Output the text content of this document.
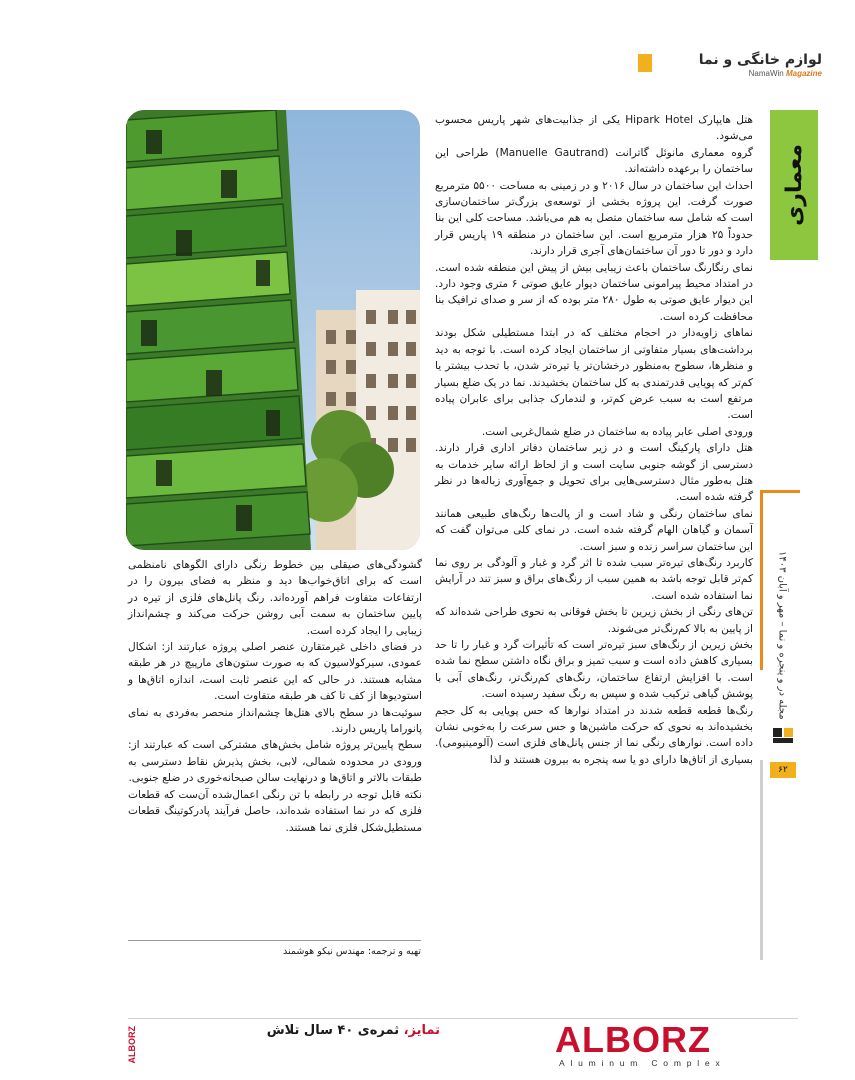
لوازم خانگی و نما
NamaWin Magazine
معماری

هتل هایپارک Hipark Hotel یکی از جذابیت‌های شهر پاریس محسوب می‌شود.

گروه معماری مانوئل گاترانت (Manuelle Gautrand) طراحی این ساختمان را برعهده داشته‌اند.

احداث این ساختمان در سال ۲۰۱۶ و در زمینی به مساحت ۵۵۰۰ مترمربع صورت گرفت. این پروژه بخشی از توسعه‌ی بزرگ‌تر ساختمان‌سازی است که شامل سه ساختمان متصل به هم می‌باشد. مساحت کلی این بنا حدوداً ۲۵ هزار مترمربع است. این ساختمان در منطقه ۱۹ پاریس قرار دارد و دور تا دور آن ساختمان‌های آجری قرار دارند.

نمای رنگارنگ ساختمان باعث زیبایی بیش از پیش این منطقه شده است. در امتداد محیط پیرامونی ساختمان دیوار عایق صوتی ۶ متری وجود دارد. این دیوار عایق صوتی به طول ۲۸۰ متر بوده که از سر و صدای ترافیک بنا محافظت کرده است.

نماهای زاویه‌دار در احجام مختلف که در ابتدا مستطیلی شکل بودند برداشت‌های بسیار متفاوتی از ساختمان ایجاد کرده است. با توجه به دید و منظرها، سطوح به‌منظور درخشان‌تر یا تیره‌تر شدن، با تحدب بیشتر یا کم‌تر که پویایی قدرتمندی به کل ساختمان بخشیدند. نما در یک ضلع بسیار مرتفع است به سبب عرض کم‌تر، و لندمارک جذابی برای عابران پیاده است.

ورودی اصلی عابر پیاده به ساختمان در ضلع شمال‌غربی است.

هتل دارای پارکینگ است و در زیر ساختمان دفاتر اداری قرار دارند. دسترسی از گوشه جنوبی سایت است و از لحاظ ارائه سایر خدمات به هتل به‌طور مثال دسترسی‌هایی برای تحویل و جمع‌آوری زباله‌ها در نظر گرفته شده است.

نمای ساختمان رنگی و شاد است و از پالت‌ها رنگ‌های طبیعی همانند آسمان و گیاهان الهام گرفته شده است. در نمای کلی می‌توان گفت که این ساختمان سراسر زنده و سبز است.

کاربرد رنگ‌های تیره‌تر سبب شده تا اثر گرد و غبار و آلودگی بر روی نما کم‌تر قابل توجه باشد به همین سبب از رنگ‌های براق و سبز تند در آرایش نما استفاده شده است.

تن‌های رنگی از بخش زیرین تا بخش فوقانی به نحوی طراحی شده‌اند که از پایین به بالا کم‌رنگ‌تر می‌شوند.

بخش زیرین از رنگ‌های سبز تیره‌تر است که تأثیرات گرد و غبار را تا حد بسیاری کاهش داده است و سبب تمیز و براق نگاه داشتن سطح نما شده است. با افزایش ارتفاع ساختمان، رنگ‌های کم‌رنگ‌تر، رنگ‌های آبی با پوشش گیاهی ترکیب شده و سپس به رنگ سفید رسیده است.

رنگ‌ها قطعه قطعه شدند در امتداد نوارها که حس پویایی به کل حجم بخشیده‌اند به نحوی که حرکت ماشین‌ها و حس سرعت را به‌خوبی نشان داده است. نوارهای رنگی نما از جنس پانل‌های فلزی است (آلومینیومی). بسیاری از اتاق‌ها دارای دو یا سه پنجره به بیرون هستند و لذا

گشودگی‌های صیقلی بین خطوط رنگی دارای الگوهای نامنظمی است که برای اتاق‌خواب‌ها دید و منظر به فضای بیرون را در ارتفاعات متفاوت فراهم آورده‌اند. رنگ پانل‌های فلزی از تیره در پایین ساختمان به سمت آبی روشن حرکت می‌کند و چشم‌انداز زیبایی را ایجاد کرده است.

در فضای داخلی غیرمتقارن عنصر اصلی پروژه عبارتند از: اشکال عمودی، سیرکولاسیون که به صورت ستون‌های مارپیچ در هر طبقه مشابه هستند. در حالی که این عنصر ثابت است، اندازه اتاق‌ها و استودیوها از کف تا کف هر طبقه متفاوت است.

سوئیت‌ها در سطح بالای هتل‌ها چشم‌انداز منحصر به‌فردی به نمای پانوراما پاریس دارند.

سطح پایین‌تر پروژه شامل بخش‌های مشترکی است که عبارتند از: ورودی در محدوده شمالی، لابی، بخش پذیرش نقاط دسترسی به طبقات بالاتر و اتاق‌ها و درنهایت سالن صبحانه‌خوری در ضلع جنوبی.

نکته قابل توجه در رابطه با تن رنگی اعمال‌شده آن‌ست که قطعات فلزی که در نما استفاده شده‌اند، حاصل فرآیند پادرکوتینگ قطعات مستطیل‌شکل فلزی نما هستند.

تهیه و ترجمه: مهندس نیکو هوشمند
مجله در و پنجره و نما – مهر و آبان ۱۴۰۳
۶۲
ALBORZ	تمایز، ثمره‌ی ۴۰ سال تلاش	ALBORZ
Aluminum Complex
